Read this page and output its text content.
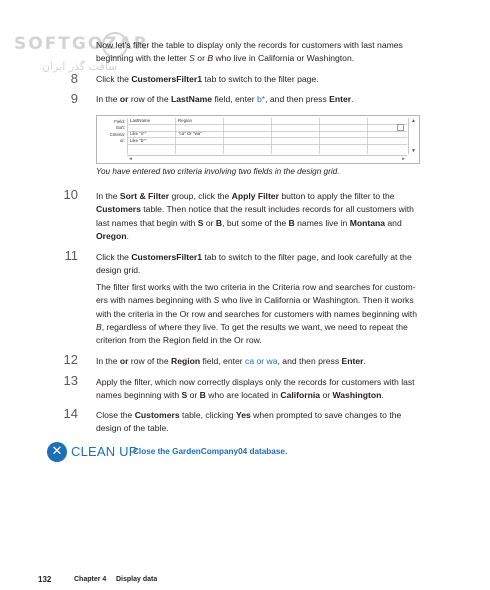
SOFTGOZAR
سافت گذر ایران
Now let's filter the table to display only the records for customers with last names
beginning with the letter S or B who live in California or Washington.
8 Click the CustomersFilter1 tab to switch to the filter page.
9 In the or row of the LastName field, enter b*, and then press Enter.
Field:
Sort:
Criteria:
or:
LastName
Like "s*"
Like "b*"
Region
"ca" Or "wa"
▲
▼
◂	▸
You have entered two criteria involving two fields in the design grid.
10 In the Sort & Filter group, click the Apply Filter button to apply the filter to the
Customers table. Then notice that the result includes records for all customers with
last names that begin with S or B, but some of the B names live in Montana and
Oregon.
11 Click the CustomersFilter1 tab to switch to the filter page, and look carefully at the
design grid.
The filter first works with the two criteria in the Criteria row and searches for custom-
ers with names beginning with S who live in California or Washington. Then it works
with the criteria in the Or row and searches for customers with names beginning with
B, regardless of where they live. To get the results we want, we need to repeat the
criterion from the Region field in the Or row.
12 In the or row of the Region field, enter ca or wa, and then press Enter.
13 Apply the filter, which now correctly displays only the records for customers with last
names beginning with S or B who are located in California or Washington.
14 Close the Customers table, clicking Yes when prompted to save changes to the
design of the table.
✕ CLEAN UP
Close the GardenCompany04 database.
132	Chapter 4 Display data
